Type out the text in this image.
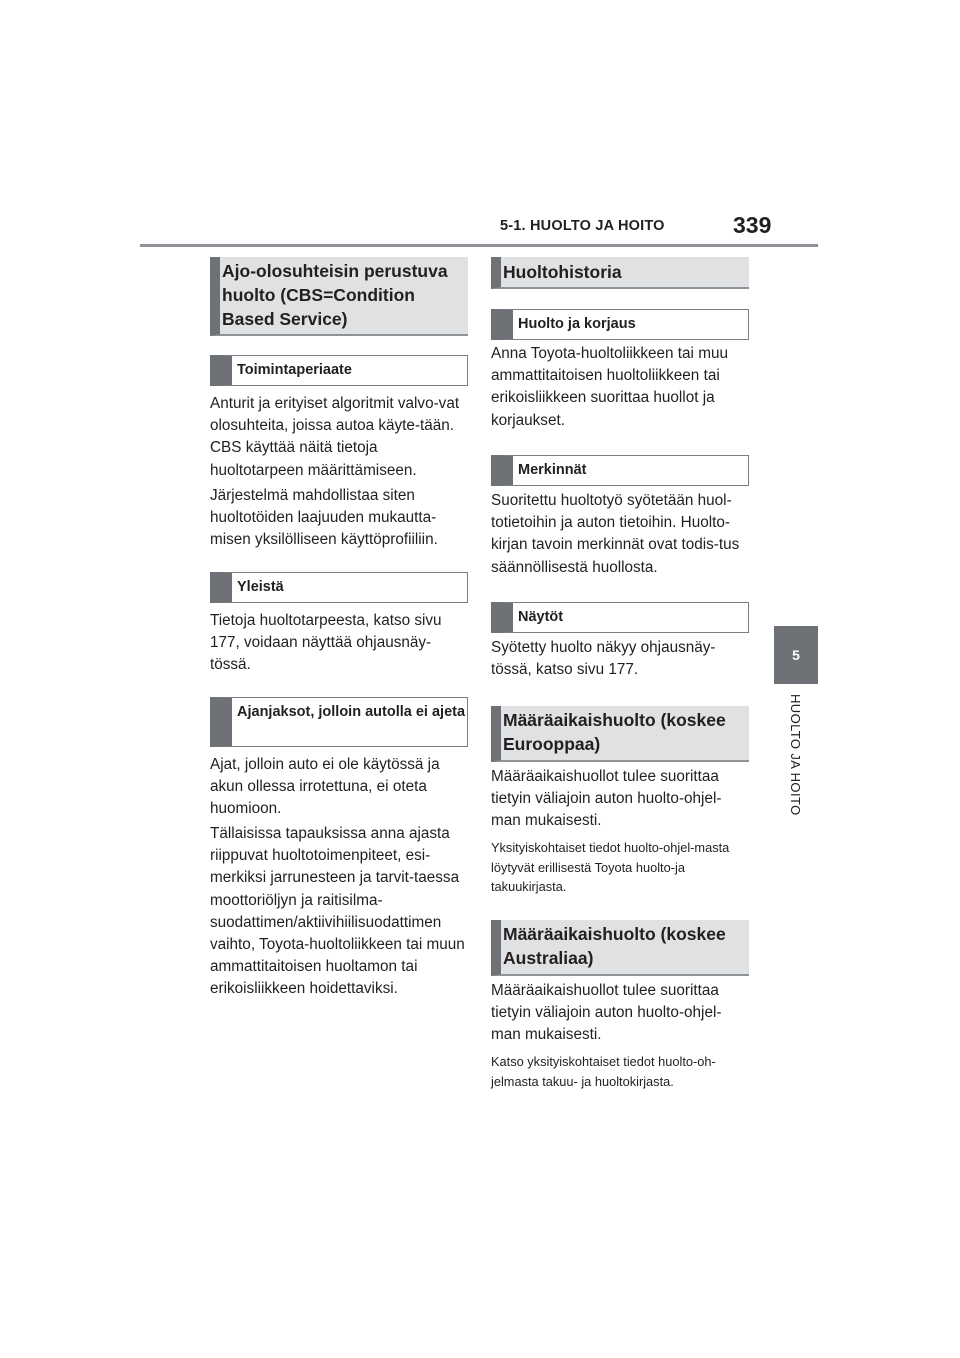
5-1. HUOLTO JA HOITO	339
5
HUOLTO JA HOITO
Ajo-olosuhteisin perustuva huolto (CBS=Condition Based Service)
Toimintaperiaate
Anturit ja erityiset algoritmit valvo-vat olosuhteita, joissa autoa käyte-tään. CBS käyttää näitä tietoja huoltotarpeen määrittämiseen.
Järjestelmä mahdollistaa siten huoltotöiden laajuuden mukautta-misen yksilölliseen käyttöprofiiliin.
Yleistä
Tietoja huoltotarpeesta, katso sivu 177, voidaan näyttää ohjausnäy-tössä.
Ajanjaksot, jolloin autolla ei ajeta
Ajat, jolloin auto ei ole käytössä ja akun ollessa irrotettuna, ei oteta huomioon.
Tällaisissa tapauksissa anna ajasta riippuvat huoltotoimenpiteet, esi-merkiksi jarrunesteen ja tarvit-taessa moottoriöljyn ja raitisilma-suodattimen/aktiivihiilisuodattimen vaihto, Toyota-huoltoliikkeen tai muun ammattitaitoisen huoltamon tai erikoisliikkeen hoidettaviksi.
Huoltohistoria
Huolto ja korjaus
Anna Toyota-huoltoliikkeen tai muu ammattitaitoisen huoltoliikkeen tai erikoisliikkeen suorittaa huollot ja korjaukset.
Merkinnät
Suoritettu huoltotyö syötetään huol-totietoihin ja auton tietoihin. Huolto-kirjan tavoin merkinnät ovat todis-tus säännöllisestä huollosta.
Näytöt
Syötetty huolto näkyy ohjausnäy-tössä, katso sivu 177.
Määräaikaishuolto (koskee Eurooppaa)
Määräaikaishuollot tulee suorittaa tietyin väliajoin auton huolto-ohjel-man mukaisesti.
Yksityiskohtaiset tiedot huolto-ohjel-masta löytyvät erillisestä Toyota huolto-ja takuukirjasta.
Määräaikaishuolto (koskee Australiaa)
Määräaikaishuollot tulee suorittaa tietyin väliajoin auton huolto-ohjel-man mukaisesti.
Katso yksityiskohtaiset tiedot huolto-oh-jelmasta takuu- ja huoltokirjasta.
